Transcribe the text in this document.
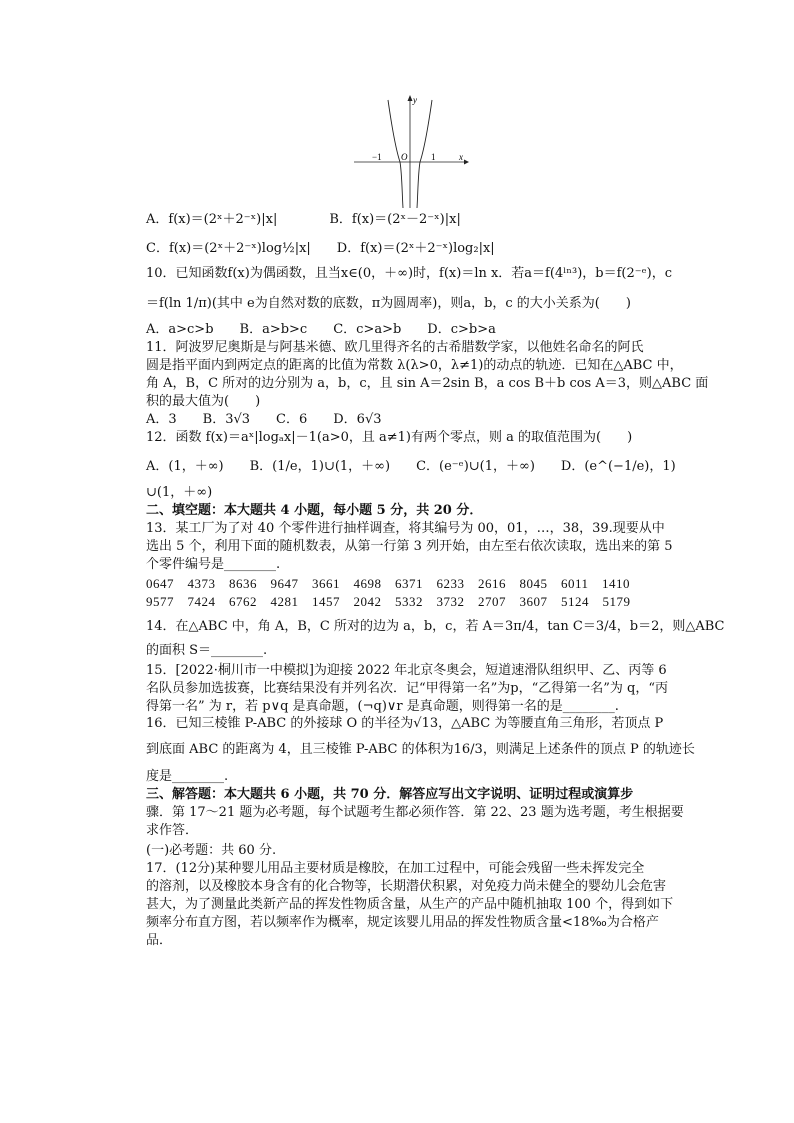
y
x
O
−1	1
A．f(x)＝(2ˣ＋2⁻ˣ)|x|　　　　B．f(x)＝(2ˣ－2⁻ˣ)|x|
C．f(x)＝(2ˣ＋2⁻ˣ)log½|x|　　D．f(x)＝(2ˣ＋2⁻ˣ)log₂|x|
10．已知函数f(x)为偶函数，且当x∈(0，＋∞)时，f(x)＝ln x．若a＝f(4ˡⁿ³)，b＝f(2⁻ᵉ)，c
＝f(ln 1/π)(其中 e为自然对数的底数，π为圆周率)，则a，b，c 的大小关系为(　　)
A．a>c>b　　B．a>b>c　　C．c>a>b　　D．c>b>a
11．阿波罗尼奥斯是与阿基米德、欧几里得齐名的古希腊数学家，以他姓名命名的阿氏
圆是指平面内到两定点的距离的比值为常数 λ(λ>0，λ≠1)的动点的轨迹．已知在△ABC 中，
角 A，B，C 所对的边分别为 a，b，c，且 sin A＝2sin B，a cos B＋b cos A＝3，则△ABC 面
积的最大值为(　　)
A．3　　B．3√3　　C．6　　D．6√3
12．函数 f(x)＝aˣ|logₐx|－1(a>0，且 a≠1)有两个零点，则 a 的取值范围为(　　)
A．(1，＋∞)　　B．(1/e，1)∪(1，＋∞)　　C．(e⁻ᵉ)∪(1，＋∞)　　D．(e^(−1/e)，1)
∪(1，＋∞)
二、填空题：本大题共 4 小题，每小题 5 分，共 20 分．
13．某工厂为了对 40 个零件进行抽样调查，将其编号为 00，01，…，38，39.现要从中
选出 5 个，利用下面的随机数表，从第一行第 3 列开始，由左至右依次读取，选出来的第 5
个零件编号是________.
0647　4373　8636　9647　3661　4698　6371　6233　2616　8045　6011　1410
9577　7424　6762　4281　1457　2042　5332　3732　2707　3607　5124　5179
14．在△ABC 中，角 A，B，C 所对的边为 a，b，c，若 A＝3π/4，tan C＝3/4，b＝2，则△ABC
的面积 S＝________.
15．[2022·桐川市一中模拟]为迎接 2022 年北京冬奥会，短道速滑队组织甲、乙、丙等 6
名队员参加选拔赛，比赛结果没有并列名次．记“甲得第一名”为p，“乙得第一名”为 q，“丙
得第一名” 为 r，若 p∨q 是真命题，(¬q)∨r 是真命题，则得第一名的是________.
16．已知三棱锥 P-ABC 的外接球 O 的半径为√13，△ABC 为等腰直角三角形，若顶点 P
到底面 ABC 的距离为 4，且三棱锥 P-ABC 的体积为16/3，则满足上述条件的顶点 P 的轨迹长
度是________.
三、解答题：本大题共 6 小题，共 70 分．解答应写出文字说明、证明过程或演算步
骤．第 17～21 题为必考题，每个试题考生都必须作答．第 22、23 题为选考题，考生根据要
求作答．
(一)必考题：共 60 分.
17．(12分)某种婴儿用品主要材质是橡胶，在加工过程中，可能会残留一些未挥发完全
的溶剂，以及橡胶本身含有的化合物等，长期潜伏积累，对免疫力尚未健全的婴幼儿会危害
甚大，为了测量此类新产品的挥发性物质含量，从生产的产品中随机抽取 100 个，得到如下
频率分布直方图，若以频率作为概率，规定该婴儿用品的挥发性物质含量<18‰为合格产
品．
